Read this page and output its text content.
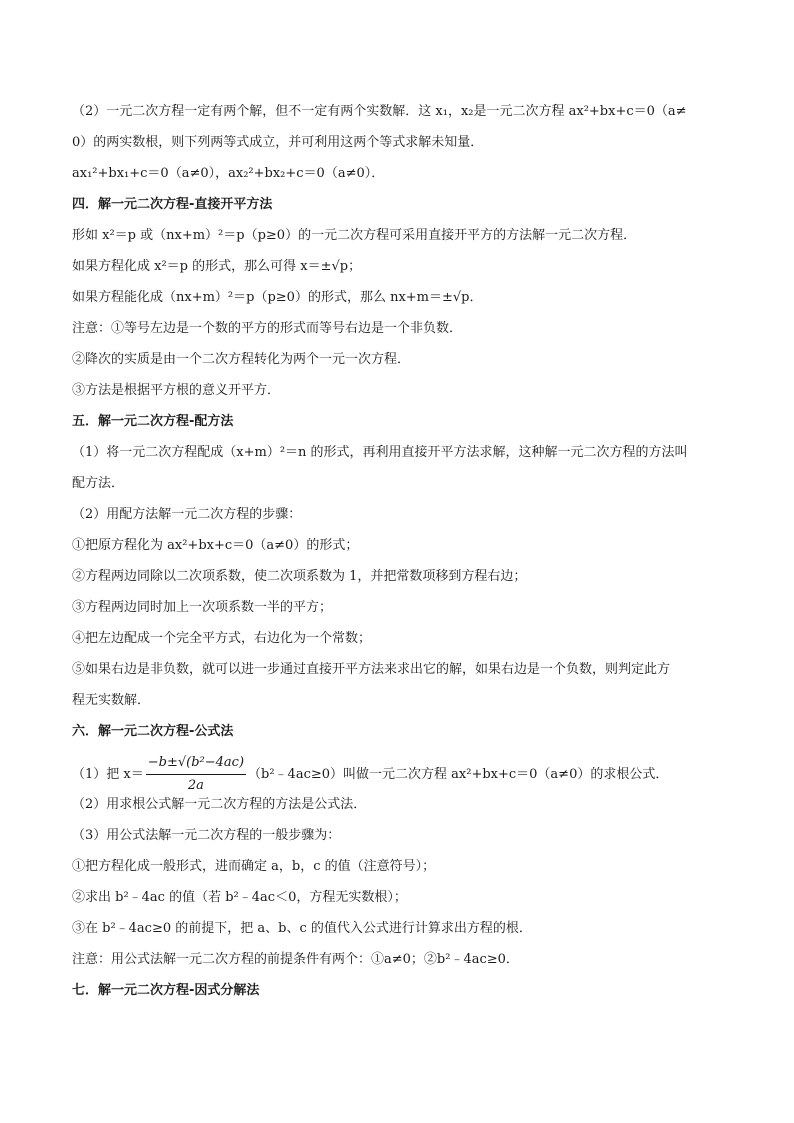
（2）一元二次方程一定有两个解，但不一定有两个实数解．这 x₁，x₂是一元二次方程 ax²+bx+c＝0（a≠
0）的两实数根，则下列两等式成立，并可利用这两个等式求解未知量．
ax₁²+bx₁+c＝0（a≠0），ax₂²+bx₂+c＝0（a≠0）．
四．解一元二次方程-直接开平方法
形如 x²＝p 或（nx+m）²＝p（p≥0）的一元二次方程可采用直接开平方的方法解一元二次方程．
如果方程化成 x²＝p 的形式，那么可得 x＝±√p；
如果方程能化成（nx+m）²＝p（p≥0）的形式，那么 nx+m＝±√p．
注意：①等号左边是一个数的平方的形式而等号右边是一个非负数．
②降次的实质是由一个二次方程转化为两个一元一次方程．
③方法是根据平方根的意义开平方．
五．解一元二次方程-配方法
（1）将一元二次方程配成（x+m）²＝n 的形式，再利用直接开平方法求解，这种解一元二次方程的方法叫
配方法．
（2）用配方法解一元二次方程的步骤：
①把原方程化为 ax²+bx+c＝0（a≠0）的形式；
②方程两边同除以二次项系数，使二次项系数为 1，并把常数项移到方程右边；
③方程两边同时加上一次项系数一半的平方；
④把左边配成一个完全平方式，右边化为一个常数；
⑤如果右边是非负数，就可以进一步通过直接开平方法来求出它的解，如果右边是一个负数，则判定此方
程无实数解．
六．解一元二次方程-公式法
（1）把 $x= \frac{\text{−b±√(b²−4ac)}}{2a}$ （b²﹣4ac≥0）叫做一元二次方程 ax²+bx+c＝0（a≠0）的求根公式．
（2）用求根公式解一元二次方程的方法是公式法．
（3）用公式法解一元二次方程的一般步骤为：
①把方程化成一般形式，进而确定 a，b，c 的值（注意符号）；
②求出 b²﹣4ac 的值（若 b²﹣4ac＜0，方程无实数根）；
③在 b²﹣4ac≥0 的前提下，把 a、b、c 的值代入公式进行计算求出方程的根．
注意：用公式法解一元二次方程的前提条件有两个：①a≠0；②b²﹣4ac≥0．
七．解一元二次方程-因式分解法
